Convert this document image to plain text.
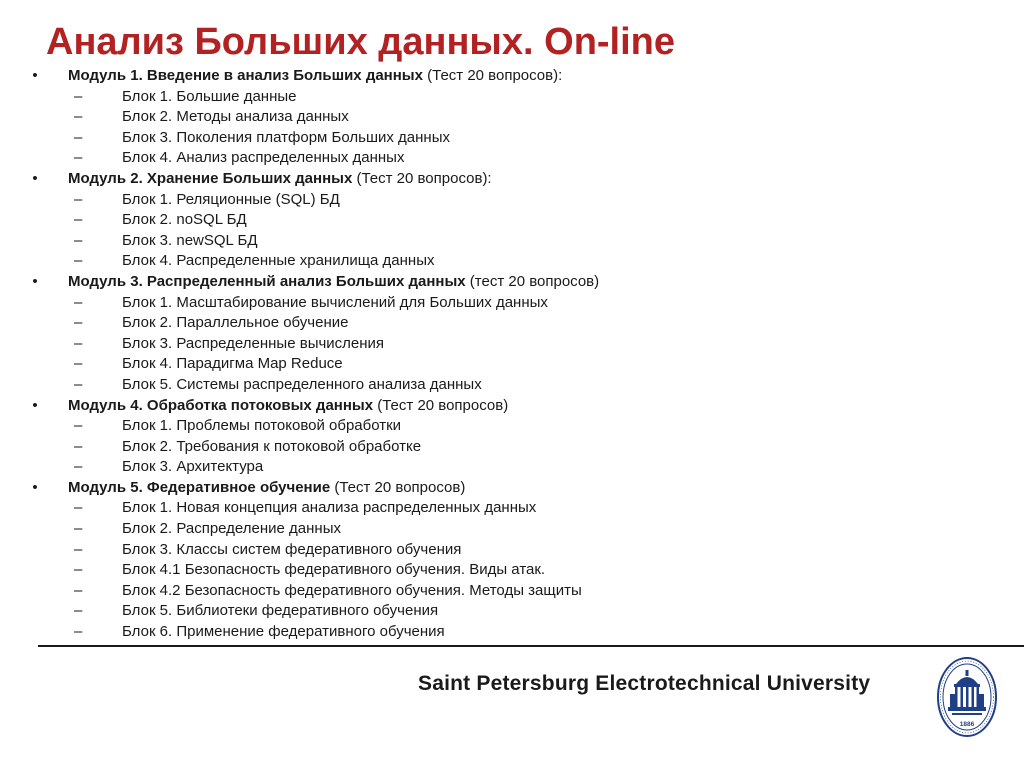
Анализ Больших данных. On-line
• Модуль 1. Введение в анализ Больших данных (Тест 20 вопросов):
–	Блок 1. Большие данные
–	Блок 2. Методы анализа данных
–	Блок 3. Поколения платформ Больших данных
–	Блок 4. Анализ распределенных данных
• Модуль 2. Хранение Больших данных (Тест 20 вопросов):
–	Блок 1. Реляционные (SQL) БД
–	Блок 2. noSQL БД
–	Блок 3. newSQL БД
–	Блок 4. Распределенные хранилища данных
• Модуль 3. Распределенный анализ Больших данных (тест 20 вопросов)
–	Блок 1. Масштабирование вычислений для Больших данных
–	Блок 2. Параллельное обучение
–	Блок 3. Распределенные вычисления
–	Блок 4. Парадигма Map Reduce
–	Блок 5. Системы распределенного анализа данных
• Модуль 4. Обработка потоковых данных (Тест 20 вопросов)
–	Блок 1. Проблемы потоковой обработки
–	Блок 2. Требования к потоковой обработке
–	Блок 3. Архитектура
• Модуль 5. Федеративное обучение (Тест 20 вопросов)
–	Блок 1. Новая концепция анализа распределенных данных
–	Блок 2. Распределение данных
–	Блок 3. Классы систем федеративного обучения
–	Блок 4.1 Безопасность федеративного обучения. Виды атак.
–	Блок 4.2 Безопасность федеративного обучения. Методы защиты
–	Блок 5. Библиотеки федеративного обучения
–	Блок 6. Применение федеративного обучения
Saint Petersburg Electrotechnical University
1886
